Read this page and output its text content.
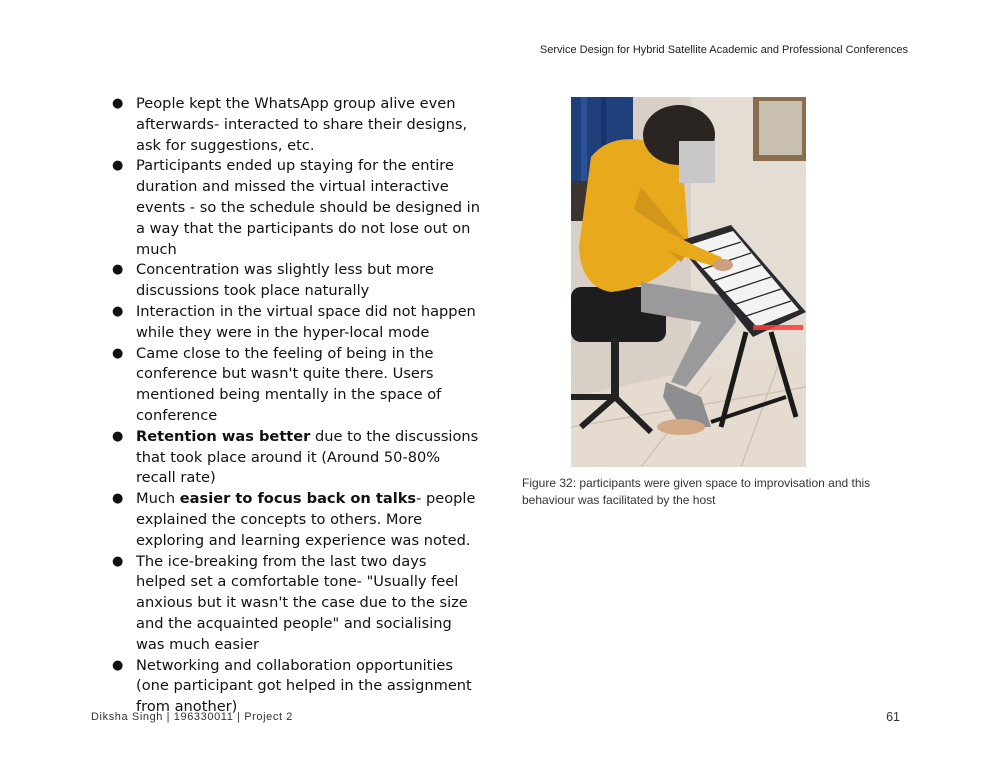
Service Design for Hybrid Satellite Academic and Professional Conferences
● People kept the WhatsApp group alive even afterwards- interacted to share their designs, ask for suggestions, etc.
● Participants ended up staying for the entire duration and missed the virtual interactive events - so the schedule should be designed in a way that the participants do not lose out on much
● Concentration was slightly less but more discussions took place naturally
● Interaction in the virtual space did not happen while they were in the hyper-local mode
● Came close to the feeling of being in the conference but wasn't quite there. Users mentioned being mentally in the space of conference
● Retention was better due to the discussions that took place around it (Around 50-80% recall rate)
● Much easier to focus back on talks- people explained the concepts to others. More exploring and learning experience was noted.
● The ice-breaking from the last two days helped set a comfortable tone- "Usually feel anxious but it wasn't the case due to the size and the acquainted people" and socialising was much easier
● Networking and collaboration opportunities (one participant got helped in the assignment from another)
Figure 32: participants were given space to improvisation and this behaviour was facilitated by the host
Diksha Singh | 196330011 | Project 2	61
